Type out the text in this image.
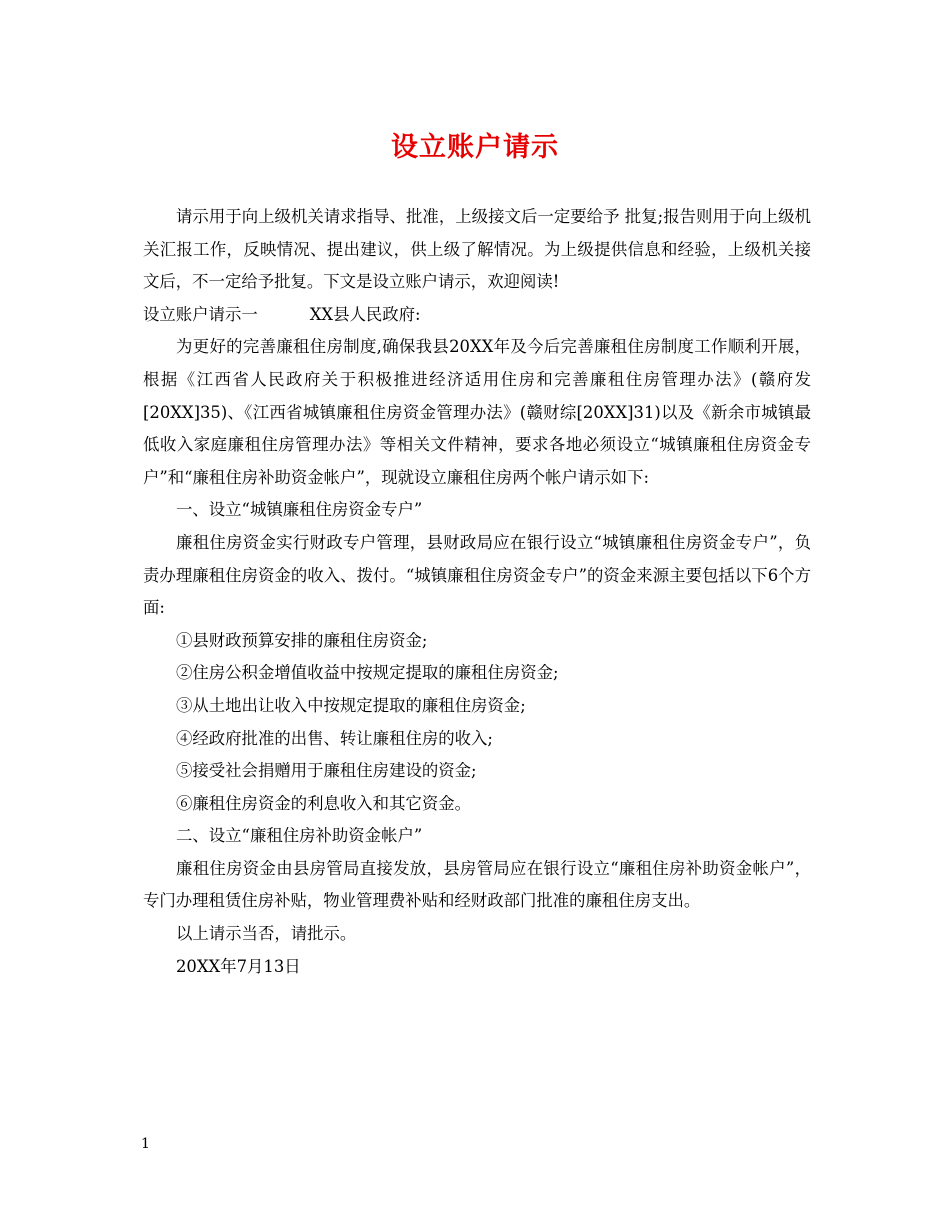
设立账户请示

请示用于向上级机关请求指导、批准，上级接文后一定要给予 批复;报告则用于向上级机关汇报工作，反映情况、提出建议，供上级了解情况。为上级提供信息和经验，上级机关接文后，不一定给予批复。下文是设立账户请示，欢迎阅读!

设立账户请示一	XX县人民政府:

为更好的完善廉租住房制度,确保我县20XX年及今后完善廉租住房制度工作顺利开展，根据《江西省人民政府关于积极推进经济适用住房和完善廉租住房管理办法》(赣府发[20XX]35)、《江西省城镇廉租住房资金管理办法》(赣财综[20XX]31)以及《新余市城镇最低收入家庭廉租住房管理办法》等相关文件精神，要求各地必须设立“城镇廉租住房资金专户”和“廉租住房补助资金帐户”，现就设立廉租住房两个帐户请示如下:

一、设立“城镇廉租住房资金专户”

廉租住房资金实行财政专户管理，县财政局应在银行设立“城镇廉租住房资金专户”，负责办理廉租住房资金的收入、拨付。“城镇廉租住房资金专户”的资金来源主要包括以下6个方面:

①县财政预算安排的廉租住房资金;

②住房公积金增值收益中按规定提取的廉租住房资金;

③从土地出让收入中按规定提取的廉租住房资金;

④经政府批准的出售、转让廉租住房的收入;

⑤接受社会捐赠用于廉租住房建设的资金;

⑥廉租住房资金的利息收入和其它资金。

二、设立“廉租住房补助资金帐户”

廉租住房资金由县房管局直接发放，县房管局应在银行设立“廉租住房补助资金帐户”，专门办理租赁住房补贴，物业管理费补贴和经财政部门批准的廉租住房支出。

以上请示当否，请批示。

20XX年7月13日

1
